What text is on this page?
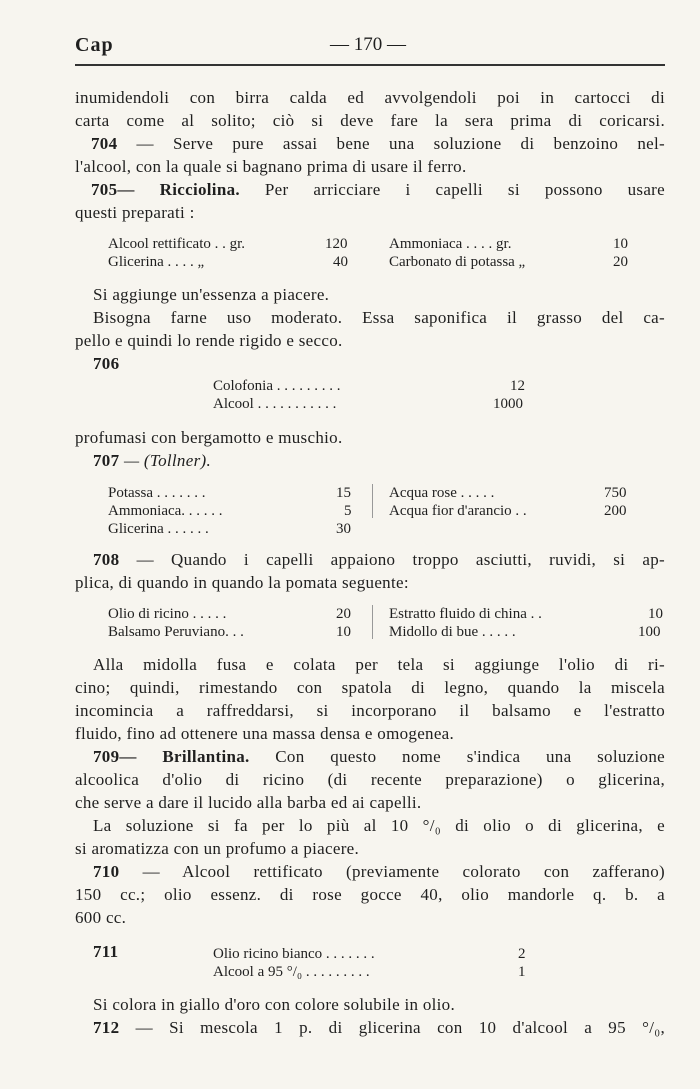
Cap	— 170 —
inumidendoli con birra calda ed avvolgendoli poi in cartocci di
carta come al solito; ciò si deve fare la sera prima di coricarsi.
704 — Serve pure assai bene una soluzione di benzoino nel-
l'alcool, con la quale si bagnano prima di usare il ferro.
705— Ricciolina. Per arricciare i capelli si possono usare
questi preparati :
Alcool rettificato . . gr.	120	Ammoniaca . . . . gr.	10
Glicerina . . . . „	40	Carbonato di potassa „	20
Si aggiunge un'essenza a piacere.
Bisogna farne uso moderato. Essa saponifica il grasso del ca-
pello e quindi lo rende rigido e secco.
706
Colofonia . . . . . . . . .	12
Alcool . . . . . . . . . . .	1000
profumasi con bergamotto e muschio.
707 — (Tollner).
Potassa . . . . . . .	15	Acqua rose . . . . .	750
Ammoniaca. . . . . .	5	Acqua fior d'arancio . .	200
Glicerina . . . . . .	30
708 — Quando i capelli appaiono troppo asciutti, ruvidi, si ap-
plica, di quando in quando la pomata seguente:
Olio di ricino . . . . .	20	Estratto fluido di china . .	10
Balsamo Peruviano. . .	10	Midollo di bue . . . . .	100
Alla midolla fusa e colata per tela si aggiunge l'olio di ri-
cino; quindi, rimestando con spatola di legno, quando la miscela
incomincia a raffreddarsi, si incorporano il balsamo e l'estratto
fluido, fino ad ottenere una massa densa e omogenea.
709— Brillantina. Con questo nome s'indica una soluzione
alcoolica d'olio di ricino (di recente preparazione) o glicerina,
che serve a dare il lucido alla barba ed ai capelli.
La soluzione si fa per lo più al 10 °/₀ di olio o di glicerina, e
si aromatizza con un profumo a piacere.
710 — Alcool rettificato (previamente colorato con zafferano)
150 cc.; olio essenz. di rose gocce 40, olio mandorle q. b. a
600 cc.
711	Olio ricino bianco . . . . . . .	2
Alcool a 95 °/₀ . . . . . . . . .	1
Si colora in giallo d'oro con colore solubile in olio.
712 — Si mescola 1 p. di glicerina con 10 d'alcool a 95 °/₀,
